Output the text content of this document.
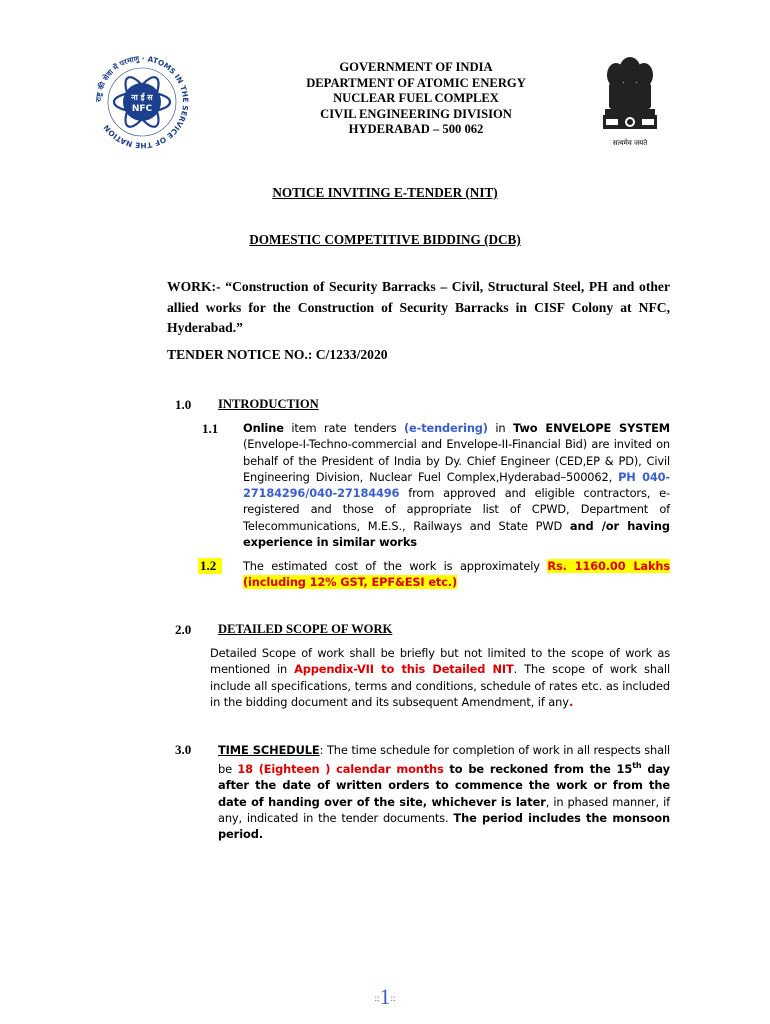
राष्ट्र की सेवा में परमाणु · ATOMS IN THE SERVICE OF THE NATION
ना ई स
NFC
GOVERNMENT OF INDIA
DEPARTMENT OF ATOMIC ENERGY
NUCLEAR FUEL COMPLEX
CIVIL ENGINEERING DIVISION
HYDERABAD – 500 062
सत्यमेव जयते
NOTICE INVITING E-TENDER (NIT)
DOMESTIC COMPETITIVE BIDDING (DCB)
WORK:- “Construction of Security Barracks – Civil, Structural Steel, PH and other allied works for the Construction of Security Barracks in CISF Colony at NFC, Hyderabad.”
TENDER NOTICE NO.: C/1233/2020
1.0 INTRODUCTION
1.1 Online item rate tenders (e-tendering) in Two ENVELOPE SYSTEM (Envelope-I-Techno-commercial and Envelope-II-Financial Bid) are invited on behalf of the President of India by Dy. Chief Engineer (CED,EP & PD), Civil Engineering Division, Nuclear Fuel Complex,Hyderabad–500062, PH 040-27184296/040-27184496 from approved and eligible contractors, e-registered and those of appropriate list of CPWD, Department of Telecommunications, M.E.S., Railways and State PWD and /or having experience in similar works
1.2	The estimated cost of the work is approximately Rs. 1160.00 Lakhs (including 12% GST, EPF&ESI etc.)
2.0 DETAILED SCOPE OF WORK
Detailed Scope of work shall be briefly but not limited to the scope of work as mentioned in Appendix-VII to this Detailed NIT. The scope of work shall include all specifications, terms and conditions, schedule of rates etc. as included in the bidding document and its subsequent Amendment, if any.
3.0 TIME SCHEDULE: The time schedule for completion of work in all respects shall be 18 (Eighteen ) calendar months to be reckoned from the 15th day after the date of written orders to commence the work or from the date of handing over of the site, whichever is later, in phased manner, if any, indicated in the tender documents. The period includes the monsoon period.
::1::
